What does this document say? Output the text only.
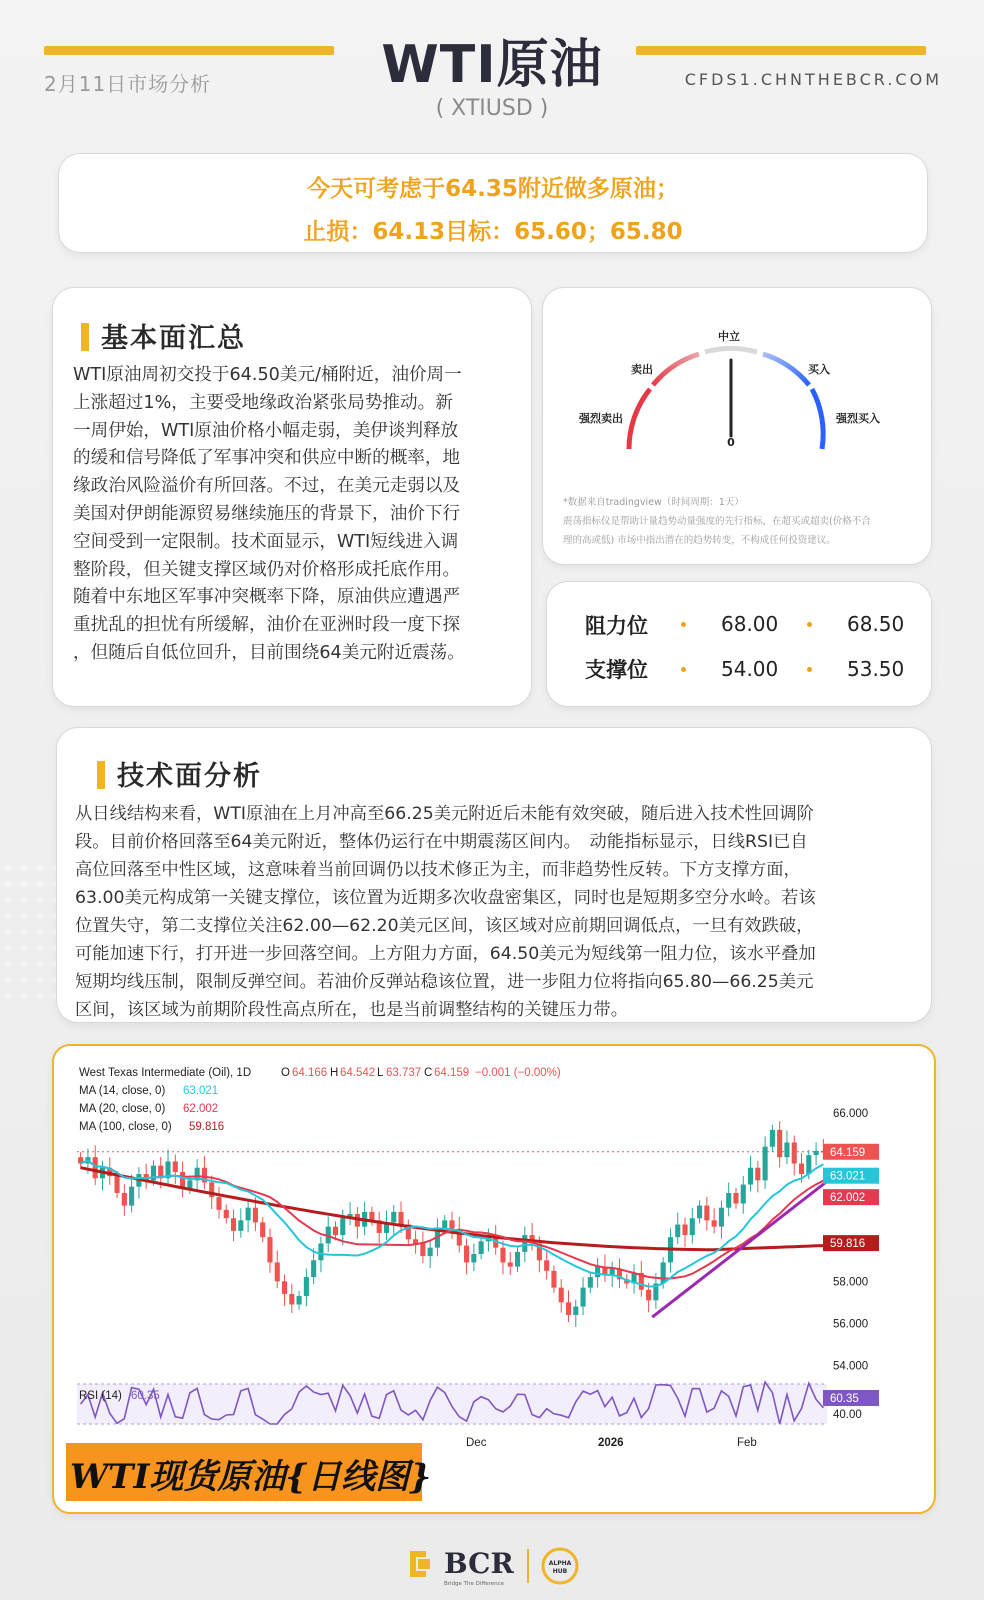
2月11日市场分析	WTI原油
( XTIUSD )
CFDS1.CHNTHEBCR.COM
今天可考虑于64.35附近做多原油；
止损：64.13目标：65.60；65.80
基本面汇总
WTI原油周初交投于64.50美元/桶附近，油价周一
上涨超过1%，主要受地缘政治紧张局势推动。新
一周伊始，WTI原油价格小幅走弱，美伊谈判释放
的缓和信号降低了军事冲突和供应中断的概率，地
缘政治风险溢价有所回落。不过，在美元走弱以及
美国对伊朗能源贸易继续施压的背景下，油价下行
空间受到一定限制。技术面显示，WTI短线进入调
整阶段，但关键支撑区域仍对价格形成托底作用。
随着中东地区军事冲突概率下降，原油供应遭遇严
重扰乱的担忧有所缓解，油价在亚洲时段一度下探
，但随后自低位回升，目前围绕64美元附近震荡。
0
中立
卖出	买入
强烈卖出	强烈买入
*数据来自tradingview（时间周期：1天）
震荡指标仪是帮助计量趋势动量强度的先行指标，在超买或超卖(价格不合
理的高或低) 市场中指出潜在的趋势转变，不构成任何投资建议。
阻力位	68.00	68.50
支撑位	54.00	53.50
技术面分析
从日线结构来看，WTI原油在上月冲高至66.25美元附近后未能有效突破，随后进入技术性回调阶
段。目前价格回落至64美元附近，整体仍运行在中期震荡区间内。　动能指标显示，日线RSI已自
高位回落至中性区域，这意味着当前回调仍以技术修正为主，而非趋势性反转。下方支撑方面，
63.00美元构成第一关键支撑位，该位置为近期多次收盘密集区，同时也是短期多空分水岭。若该
位置失守，第二支撑位关注62.00—62.20美元区间，该区域对应前期回调低点，一旦有效跌破，
可能加速下行，打开进一步回落空间。上方阻力方面，64.50美元为短线第一阻力位，该水平叠加
短期均线压制，限制反弹空间。若油价反弹站稳该位置，进一步阻力位将指向65.80—66.25美元
区间，该区域为前期阶段性高点所在，也是当前调整结构的关键压力带。
West Texas Intermediate (Oil), 1D	O 64.166 H 64.542 L 63.737 C 64.159 −0.001 (−0.00%)
MA (14, close, 0) 63.021
MA (20, close, 0) 62.002
MA (100, close, 0) 59.816
66.000
58.000
56.000
54.000
64.159
63.021
62.002
59.816
RSI (14) 60.35	60.35
40.00
Dec	2026	Feb
WTI现货原油{日线图}
BCR
Bridge The Difference
ALPHA
HUB
